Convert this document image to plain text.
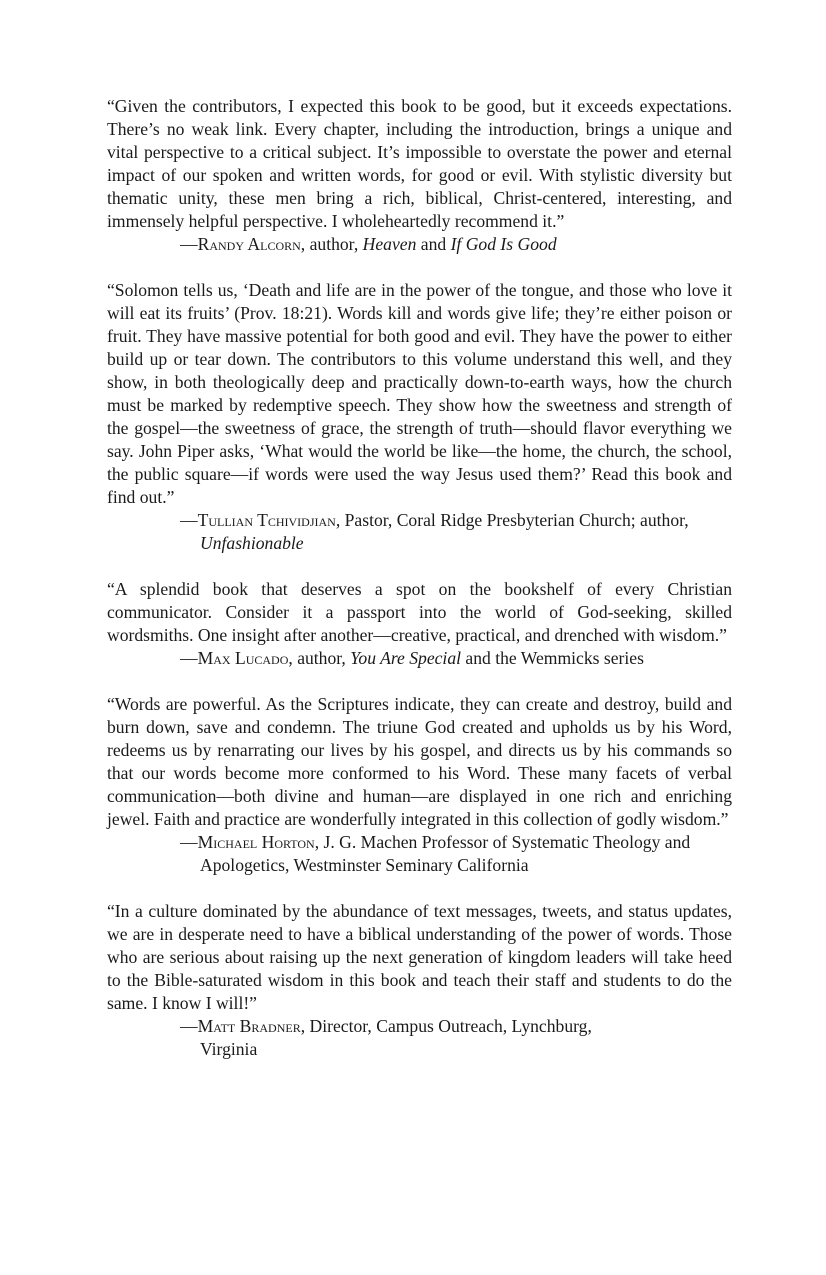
“Given the contributors, I expected this book to be good, but it exceeds expectations. There’s no weak link. Every chapter, including the introduction, brings a unique and vital perspective to a critical subject. It’s impossible to overstate the power and eternal impact of our spoken and written words, for good or evil. With stylistic diversity but thematic unity, these men bring a rich, biblical, Christ-centered, interesting, and immensely helpful perspective. I wholeheartedly recommend it.”

—Randy Alcorn, author, Heaven and If God Is Good

“Solomon tells us, ‘Death and life are in the power of the tongue, and those who love it will eat its fruits’ (Prov. 18:21). Words kill and words give life; they’re either poison or fruit. They have massive potential for both good and evil. They have the power to either build up or tear down. The contributors to this volume understand this well, and they show, in both theologically deep and practically down-to-earth ways, how the church must be marked by redemptive speech. They show how the sweetness and strength of the gospel—the sweetness of grace, the strength of truth—should flavor everything we say. John Piper asks, ‘What would the world be like—the home, the church, the school, the public square—if words were used the way Jesus used them?’ Read this book and find out.”

—Tullian Tchividjian, Pastor, Coral Ridge Presbyterian Church; author, Unfashionable

“A splendid book that deserves a spot on the bookshelf of every Christian communicator. Consider it a passport into the world of God-seeking, skilled wordsmiths. One insight after another—creative, practical, and drenched with wisdom.”

—Max Lucado, author, You Are Special and the Wemmicks series

“Words are powerful. As the Scriptures indicate, they can create and destroy, build and burn down, save and condemn. The triune God created and upholds us by his Word, redeems us by renarrating our lives by his gospel, and directs us by his commands so that our words become more conformed to his Word. These many facets of verbal communication—both divine and human—are displayed in one rich and enriching jewel. Faith and practice are wonderfully integrated in this collection of godly wisdom.”

—Michael Horton, J. G. Machen Professor of Systematic Theology and Apologetics, Westminster Seminary California

“In a culture dominated by the abundance of text messages, tweets, and status updates, we are in desperate need to have a biblical understanding of the power of words. Those who are serious about raising up the next generation of kingdom leaders will take heed to the Bible-saturated wisdom in this book and teach their staff and students to do the same. I know I will!”

—Matt Bradner, Director, Campus Outreach, Lynchburg, Virginia
